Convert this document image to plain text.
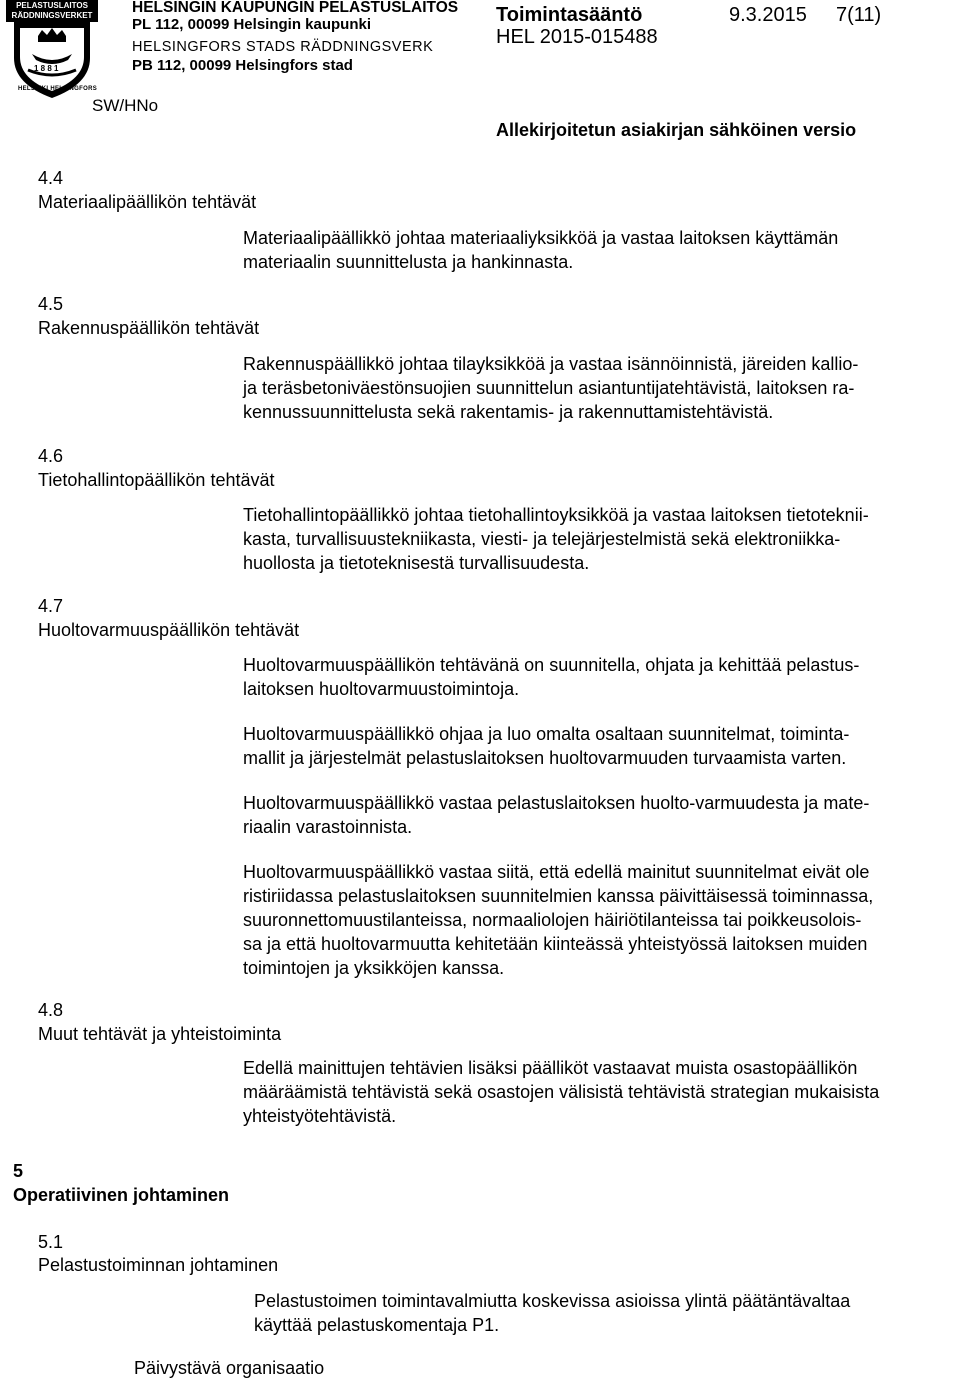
PELASTUSLAITOS
RÄDDNINGSVERKET
1 8 8 1
HELSINKI HELSINGFORS
HELSINGIN KAUPUNGIN PELASTUSLAITOS
PL 112, 00099 Helsingin kaupunki
HELSINGFORS STADS RÄDDNINGSVERK
PB 112, 00099 Helsingfors stad
Toimintasääntö	9.3.2015 7(11)
HEL 2015-015488
SW/HNo
Allekirjoitetun asiakirjan sähköinen versio
4.4
Materiaalipäällikön tehtävät
Materiaalipäällikkö johtaa materiaaliyksikköä ja vastaa laitoksen käyttämän
materiaalin suunnittelusta ja hankinnasta.
4.5
Rakennuspäällikön tehtävät
Rakennuspäällikkö johtaa tilayksikköä ja vastaa isännöinnistä, järeiden kallio-
ja teräsbetoniväestönsuojien suunnittelun asiantuntijatehtävistä, laitoksen ra-
kennussuunnittelusta sekä rakentamis- ja rakennuttamistehtävistä.
4.6
Tietohallintopäällikön tehtävät
Tietohallintopäällikkö johtaa tietohallintoyksikköä ja vastaa laitoksen tietoteknii-
kasta, turvallisuustekniikasta, viesti- ja telejärjestelmistä sekä elektroniikka-
huollosta ja tietoteknisestä turvallisuudesta.
4.7
Huoltovarmuuspäällikön tehtävät
Huoltovarmuuspäällikön tehtävänä on suunnitella, ohjata ja kehittää pelastus-
laitoksen huoltovarmuustoimintoja.
Huoltovarmuuspäällikkö ohjaa ja luo omalta osaltaan suunnitelmat, toiminta-
mallit ja järjestelmät pelastuslaitoksen huoltovarmuuden turvaamista varten.
Huoltovarmuuspäällikkö vastaa pelastuslaitoksen huolto-varmuudesta ja mate-
riaalin varastoinnista.
Huoltovarmuuspäällikkö vastaa siitä, että edellä mainitut suunnitelmat eivät ole
ristiriidassa pelastuslaitoksen suunnitelmien kanssa päivittäisessä toiminnassa,
suuronnettomuustilanteissa, normaaliolojen häiriötilanteissa tai poikkeusolois-
sa ja että huoltovarmuutta kehitetään kiinteässä yhteistyössä laitoksen muiden
toimintojen ja yksikköjen kanssa.
4.8
Muut tehtävät ja yhteistoiminta
Edellä mainittujen tehtävien lisäksi päälliköt vastaavat muista osastopäällikön
määräämistä tehtävistä sekä osastojen välisistä tehtävistä strategian mukaisista
yhteistyötehtävistä.
5
Operatiivinen johtaminen
5.1
Pelastustoiminnan johtaminen
Pelastustoimen toimintavalmiutta koskevissa asioissa ylintä päätäntävaltaa
käyttää pelastuskomentaja P1.
Päivystävä organisaatio
